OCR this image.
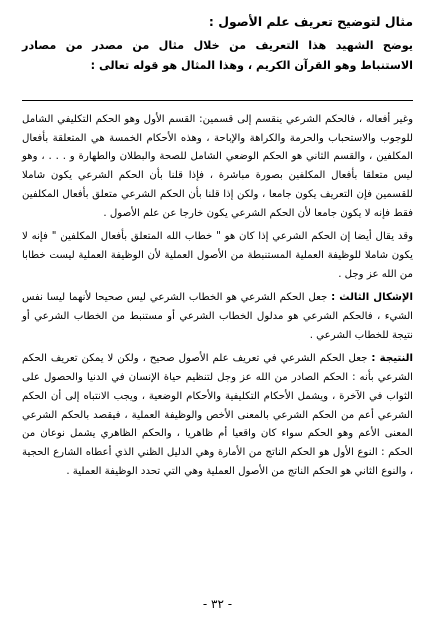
مثال لتوضيح تعريف علم الأصول :

يوضح الشهيد هذا التعريف من خلال مثال من مصدر من مصادر الاستنباط وهو القرآن الكريم ، وهذا المثال هو قوله تعالى :

وغير أفعاله ، فالحكم الشرعي ينقسم إلى قسمين: القسم الأول وهو الحكم التكليفي الشامل للوجوب والاستحباب والحرمة والكراهة والإباحة ، وهذه الأحكام الخمسة هي المتعلقة بأفعال المكلفين ، والقسم الثاني هو الحكم الوضعي الشامل للصحة والبطلان والطهارة و . . . ، وهو ليس متعلقا بأفعال المكلفين بصورة مباشرة ، فإذا قلنا بأن الحكم الشرعي يكون شاملا للقسمين فإن التعريف يكون جامعا ، ولكن إذا قلنا بأن الحكم الشرعي متعلق بأفعال المكلفين فقط فإنه لا يكون جامعا لأن الحكم الشرعي يكون خارجا عن علم الأصول .

وقد يقال أيضا إن الحكم الشرعي إذا كان هو " خطاب الله المتعلق بأفعال المكلفين " فإنه لا يكون شاملا للوظيفة العملية المستنبطة من الأصول العملية لأن الوظيفة العملية ليست خطابا من الله عز وجل .

الإشكال الثالث : جعل الحكم الشرعي هو الخطاب الشرعي ليس صحيحا لأنهما ليسا نفس الشيء ، فالحكم الشرعي هو مدلول الخطاب الشرعي أو مستنبط من الخطاب الشرعي أو نتيجة للخطاب الشرعي .

النتيجة : جعل الحكم الشرعي في تعريف علم الأصول صحيح ، ولكن لا يمكن تعريف الحكم الشرعي بأنه : الحكم الصادر من الله عز وجل لتنظيم حياة الإنسان في الدنيا والحصول على الثواب في الآخرة ، ويشمل الأحكام التكليفية والأحكام الوضعية ، ويجب الانتباه إلى أن الحكم الشرعي أعم من الحكم الشرعي بالمعنى الأخص والوظيفة العملية ، فيقصد بالحكم الشرعي المعنى الأعم وهو الحكم سواء كان واقعيا أم ظاهريا ، والحكم الظاهري يشمل نوعان من الحكم : النوع الأول هو الحكم الناتج من الأمارة وهي الدليل الظني الذي أعطاه الشارع الحجية ، والنوع الثاني هو الحكم الناتج من الأصول العملية وهي التي تحدد الوظيفة العملية .

- ٣٢ -
